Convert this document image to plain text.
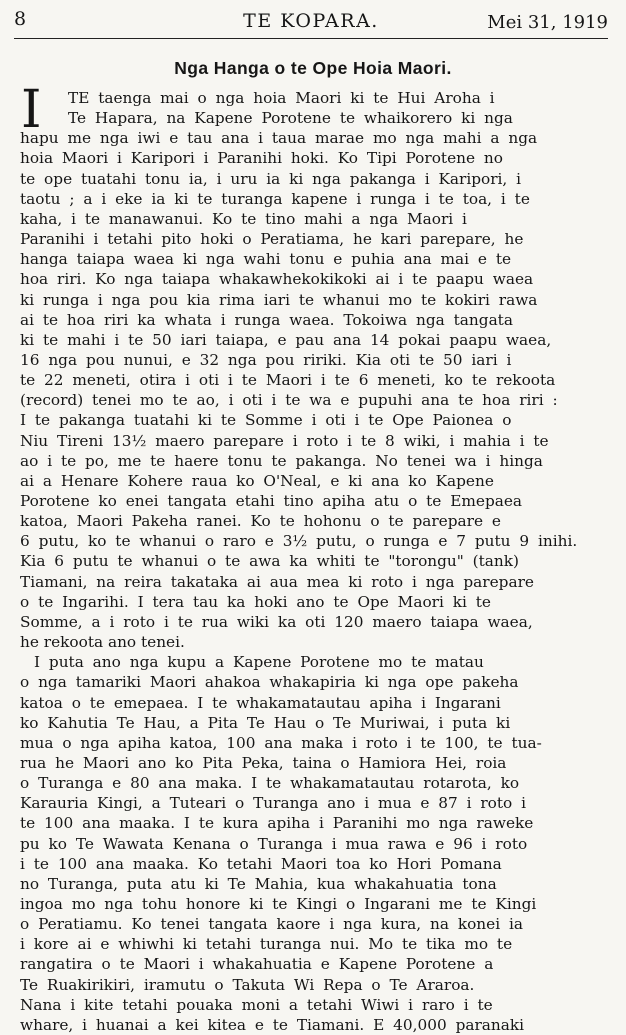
8	TE KOPARA.	Mei 31, 1919
Nga Hanga o te Ope Hoia Maori.
I TE taenga mai o nga hoia Maori ki te Hui Aroha i
Te Hapara, na Kapene Porotene te whaikorero ki nga
hapu me nga iwi e tau ana i taua marae mo nga mahi a nga
hoia Maori i Karipori i Paranihi hoki. Ko Tipi Porotene no
te ope tuatahi tonu ia, i uru ia ki nga pakanga i Karipori, i
taotu ; a i eke ia ki te turanga kapene i runga i te toa, i te
kaha, i te manawanui. Ko te tino mahi a nga Maori i
Paranihi i tetahi pito hoki o Peratiama, he kari parepare, he
hanga taiapa waea ki nga wahi tonu e puhia ana mai e te
hoa riri. Ko nga taiapa whakawhekokikoki ai i te paapu waea
ki runga i nga pou kia rima iari te whanui mo te kokiri rawa
ai te hoa riri ka whata i runga waea. Tokoiwa nga tangata
ki te mahi i te 50 iari taiapa, e pau ana 14 pokai paapu waea,
16 nga pou nunui, e 32 nga pou ririki. Kia oti te 50 iari i
te 22 meneti, otira i oti i te Maori i te 6 meneti, ko te rekoota
(record) tenei mo te ao, i oti i te wa e pupuhi ana te hoa riri :
I te pakanga tuatahi ki te Somme i oti i te Ope Paionea o
Niu Tireni 13½ maero parepare i roto i te 8 wiki, i mahia i te
ao i te po, me te haere tonu te pakanga. No tenei wa i hinga
ai a Henare Kohere raua ko O'Neal, e ki ana ko Kapene
Porotene ko enei tangata etahi tino apiha atu o te Emepaea
katoa, Maori Pakeha ranei. Ko te hohonu o te parepare e
6 putu, ko te whanui o raro e 3½ putu, o runga e 7 putu 9 inihi.
Kia 6 putu te whanui o te awa ka whiti te "torongu" (tank)
Tiamani, na reira takataka ai aua mea ki roto i nga parepare
o te Ingarihi. I tera tau ka hoki ano te Ope Maori ki te
Somme, a i roto i te rua wiki ka oti 120 maero taiapa waea,
he rekoota ano tenei.
I puta ano nga kupu a Kapene Porotene mo te matau
o nga tamariki Maori ahakoa whakapiria ki nga ope pakeha
katoa o te emepaea. I te whakamatautau apiha i Ingarani
ko Kahutia Te Hau, a Pita Te Hau o Te Muriwai, i puta ki
mua o nga apiha katoa, 100 ana maka i roto i te 100, te tua-
rua he Maori ano ko Pita Peka, taina o Hamiora Hei, roia
o Turanga e 80 ana maka. I te whakamatautau rotarota, ko
Karauria Kingi, a Tuteari o Turanga ano i mua e 87 i roto i
te 100 ana maaka. I te kura apiha i Paranihi mo nga raweke
pu ko Te Wawata Kenana o Turanga i mua rawa e 96 i roto
i te 100 ana maaka. Ko tetahi Maori toa ko Hori Pomana
no Turanga, puta atu ki Te Mahia, kua whakahuatia tona
ingoa mo nga tohu honore ki te Kingi o Ingarani me te Kingi
o Peratiamu. Ko tenei tangata kaore i nga kura, na konei ia
i kore ai e whiwhi ki tetahi turanga nui. Mo te tika mo te
rangatira o te Maori i whakahuatia e Kapene Porotene a
Te Ruakirikiri, iramutu o Takuta Wi Repa o Te Araroa.
Nana i kite tetahi pouaka moni a tetahi Wiwi i raro i te
whare, i huanai a kei kitea e te Tiamani. E 40,000 paranaki
